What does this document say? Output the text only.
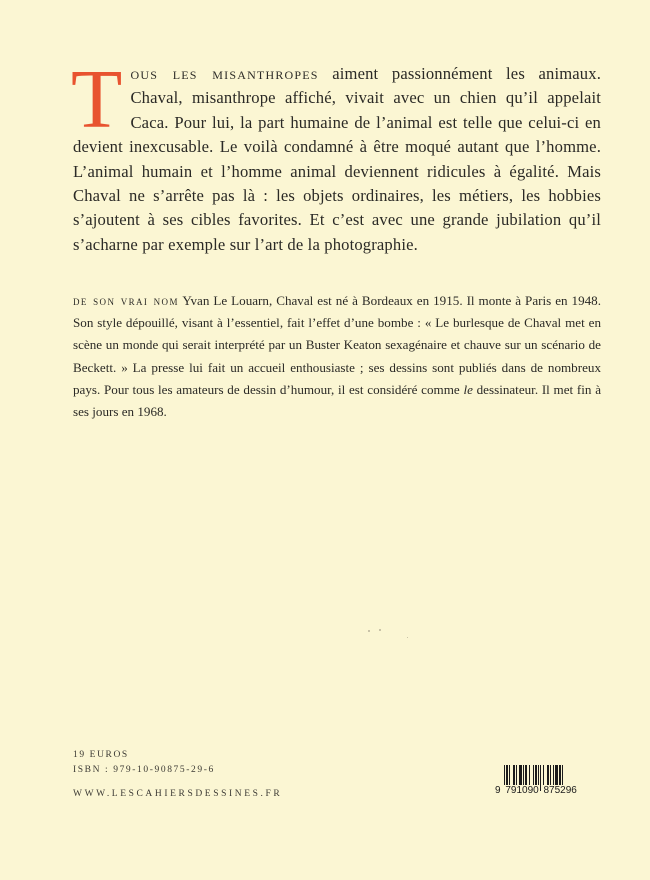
Tous les misanthropes aiment passionnément les animaux. Chaval, misanthrope affiché, vivait avec un chien qu’il appelait Caca. Pour lui, la part humaine de l’animal est telle que celui-ci en devient inexcusable. Le voilà condamné à être moqué autant que l’homme. L’animal humain et l’homme animal deviennent ridicules à égalité. Mais Chaval ne s’arrête pas là : les objets ordinaires, les métiers, les hobbies s’ajoutent à ses cibles favorites. Et c’est avec une grande jubilation qu’il s’acharne par exemple sur l’art de la photographie.
de son vrai nom Yvan Le Louarn, Chaval est né à Bordeaux en 1915. Il monte à Paris en 1948. Son style dépouillé, visant à l’essentiel, fait l’effet d’une bombe : « Le burlesque de Chaval met en scène un monde qui serait interprété par un Buster Keaton sexagénaire et chauve sur un scénario de Beckett. » La presse lui fait un accueil enthousiaste ; ses dessins sont publiés dans de nombreux pays. Pour tous les amateurs de dessin d’humour, il est considéré comme le dessinateur. Il met fin à ses jours en 1968.
19 EUROS
ISBN : 979-10-90875-29-6
WWW.LESCAHIERSDESSINES.FR	9 791090 875296
